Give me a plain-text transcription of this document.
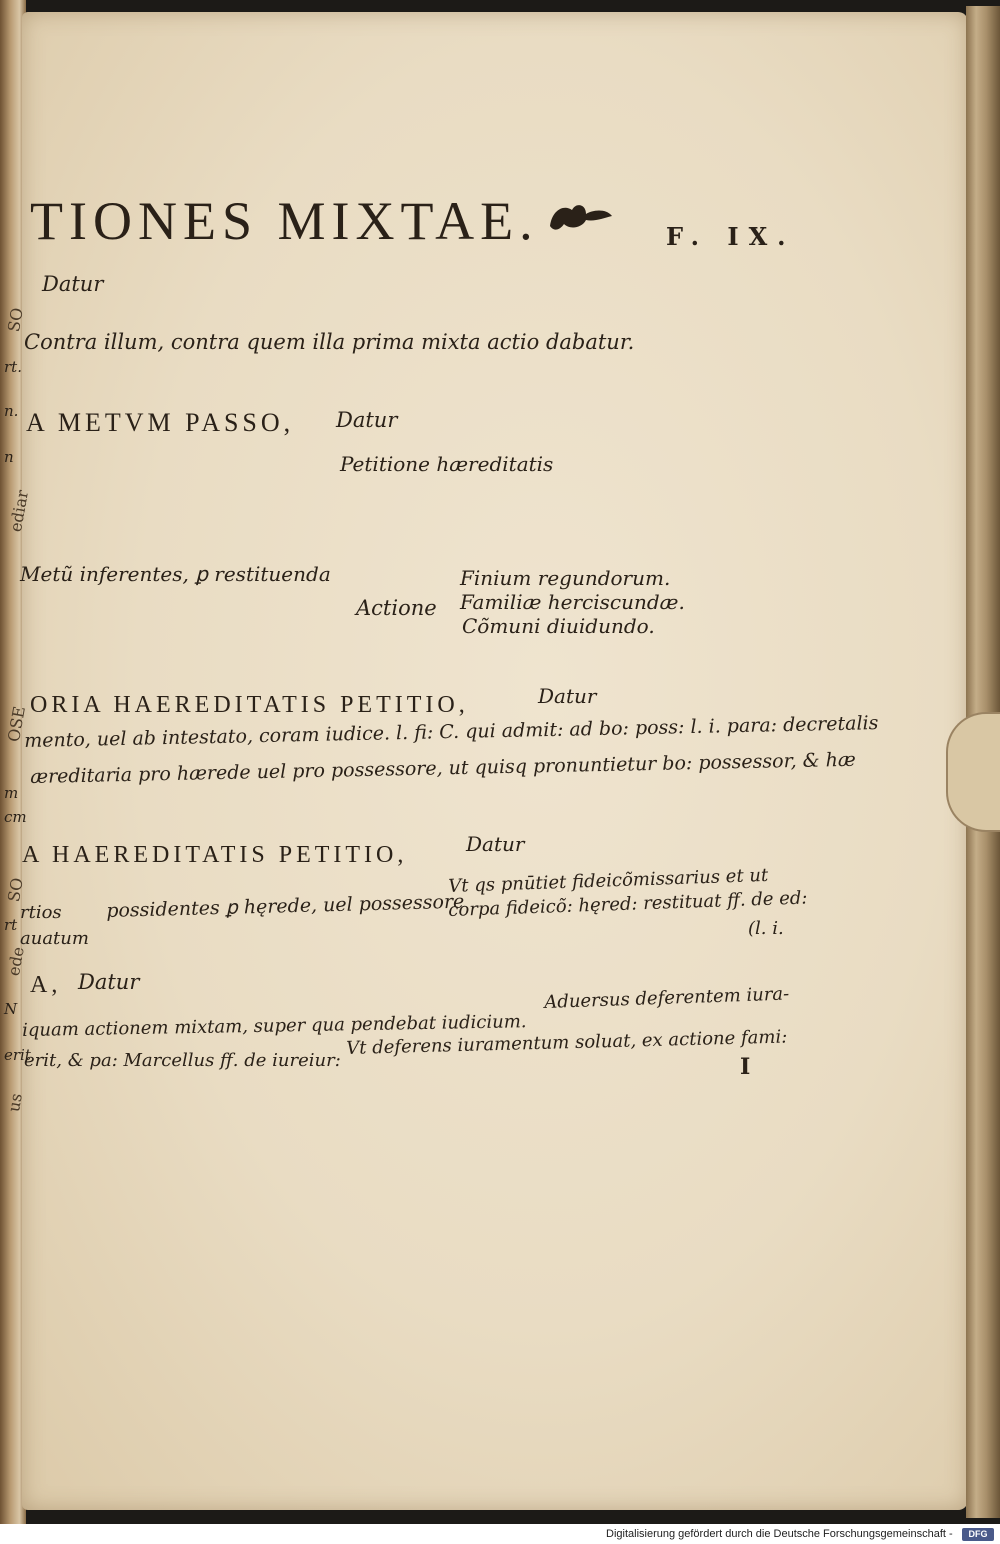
SO
rt.
n.
n
ediar
OSE
m
cm
SO
rt
ede
N
erit
us
TIONES MIXTAE.	F. IX.
Datur
Contra illum, contra quem illa prima mixta actio dabatur.
A METVM PASSO, Datur
Petitione hæreditatis
Metũ inferentes, ꝑ restituenda
Actione
Finium regundorum.
Familiæ herciscundæ.
Cõmuni diuidundo.
ORIA HAEREDITATIS PETITIO,	Datur
mento, uel ab intestato, coram iudice. l. fi: C. qui admit: ad bo: poss: l. i. para: decretalis
æreditaria pro hærede uel pro possessore, ut quisq pronuntietur bo: possessor, & hæ
A HAEREDITATIS PETITIO,	Datur
rtios
auatum
possidentes ꝑ hęrede, uel possessore
Vt qs pnūtiet fideicõmissarius et ut
corpa fideicõ: hęred: restituat ff. de ed:
(l. i.
A, Datur
iquam actionem mixtam, super qua pendebat iudicium.
Aduersus deferentem iura-
erit, & pa: Marcellus ff. de iureiur:
Vt deferens iuramentum soluat, ex actione fami:
I
Digitalisierung gefördert durch die Deutsche Forschungsgemeinschaft -	DFG
